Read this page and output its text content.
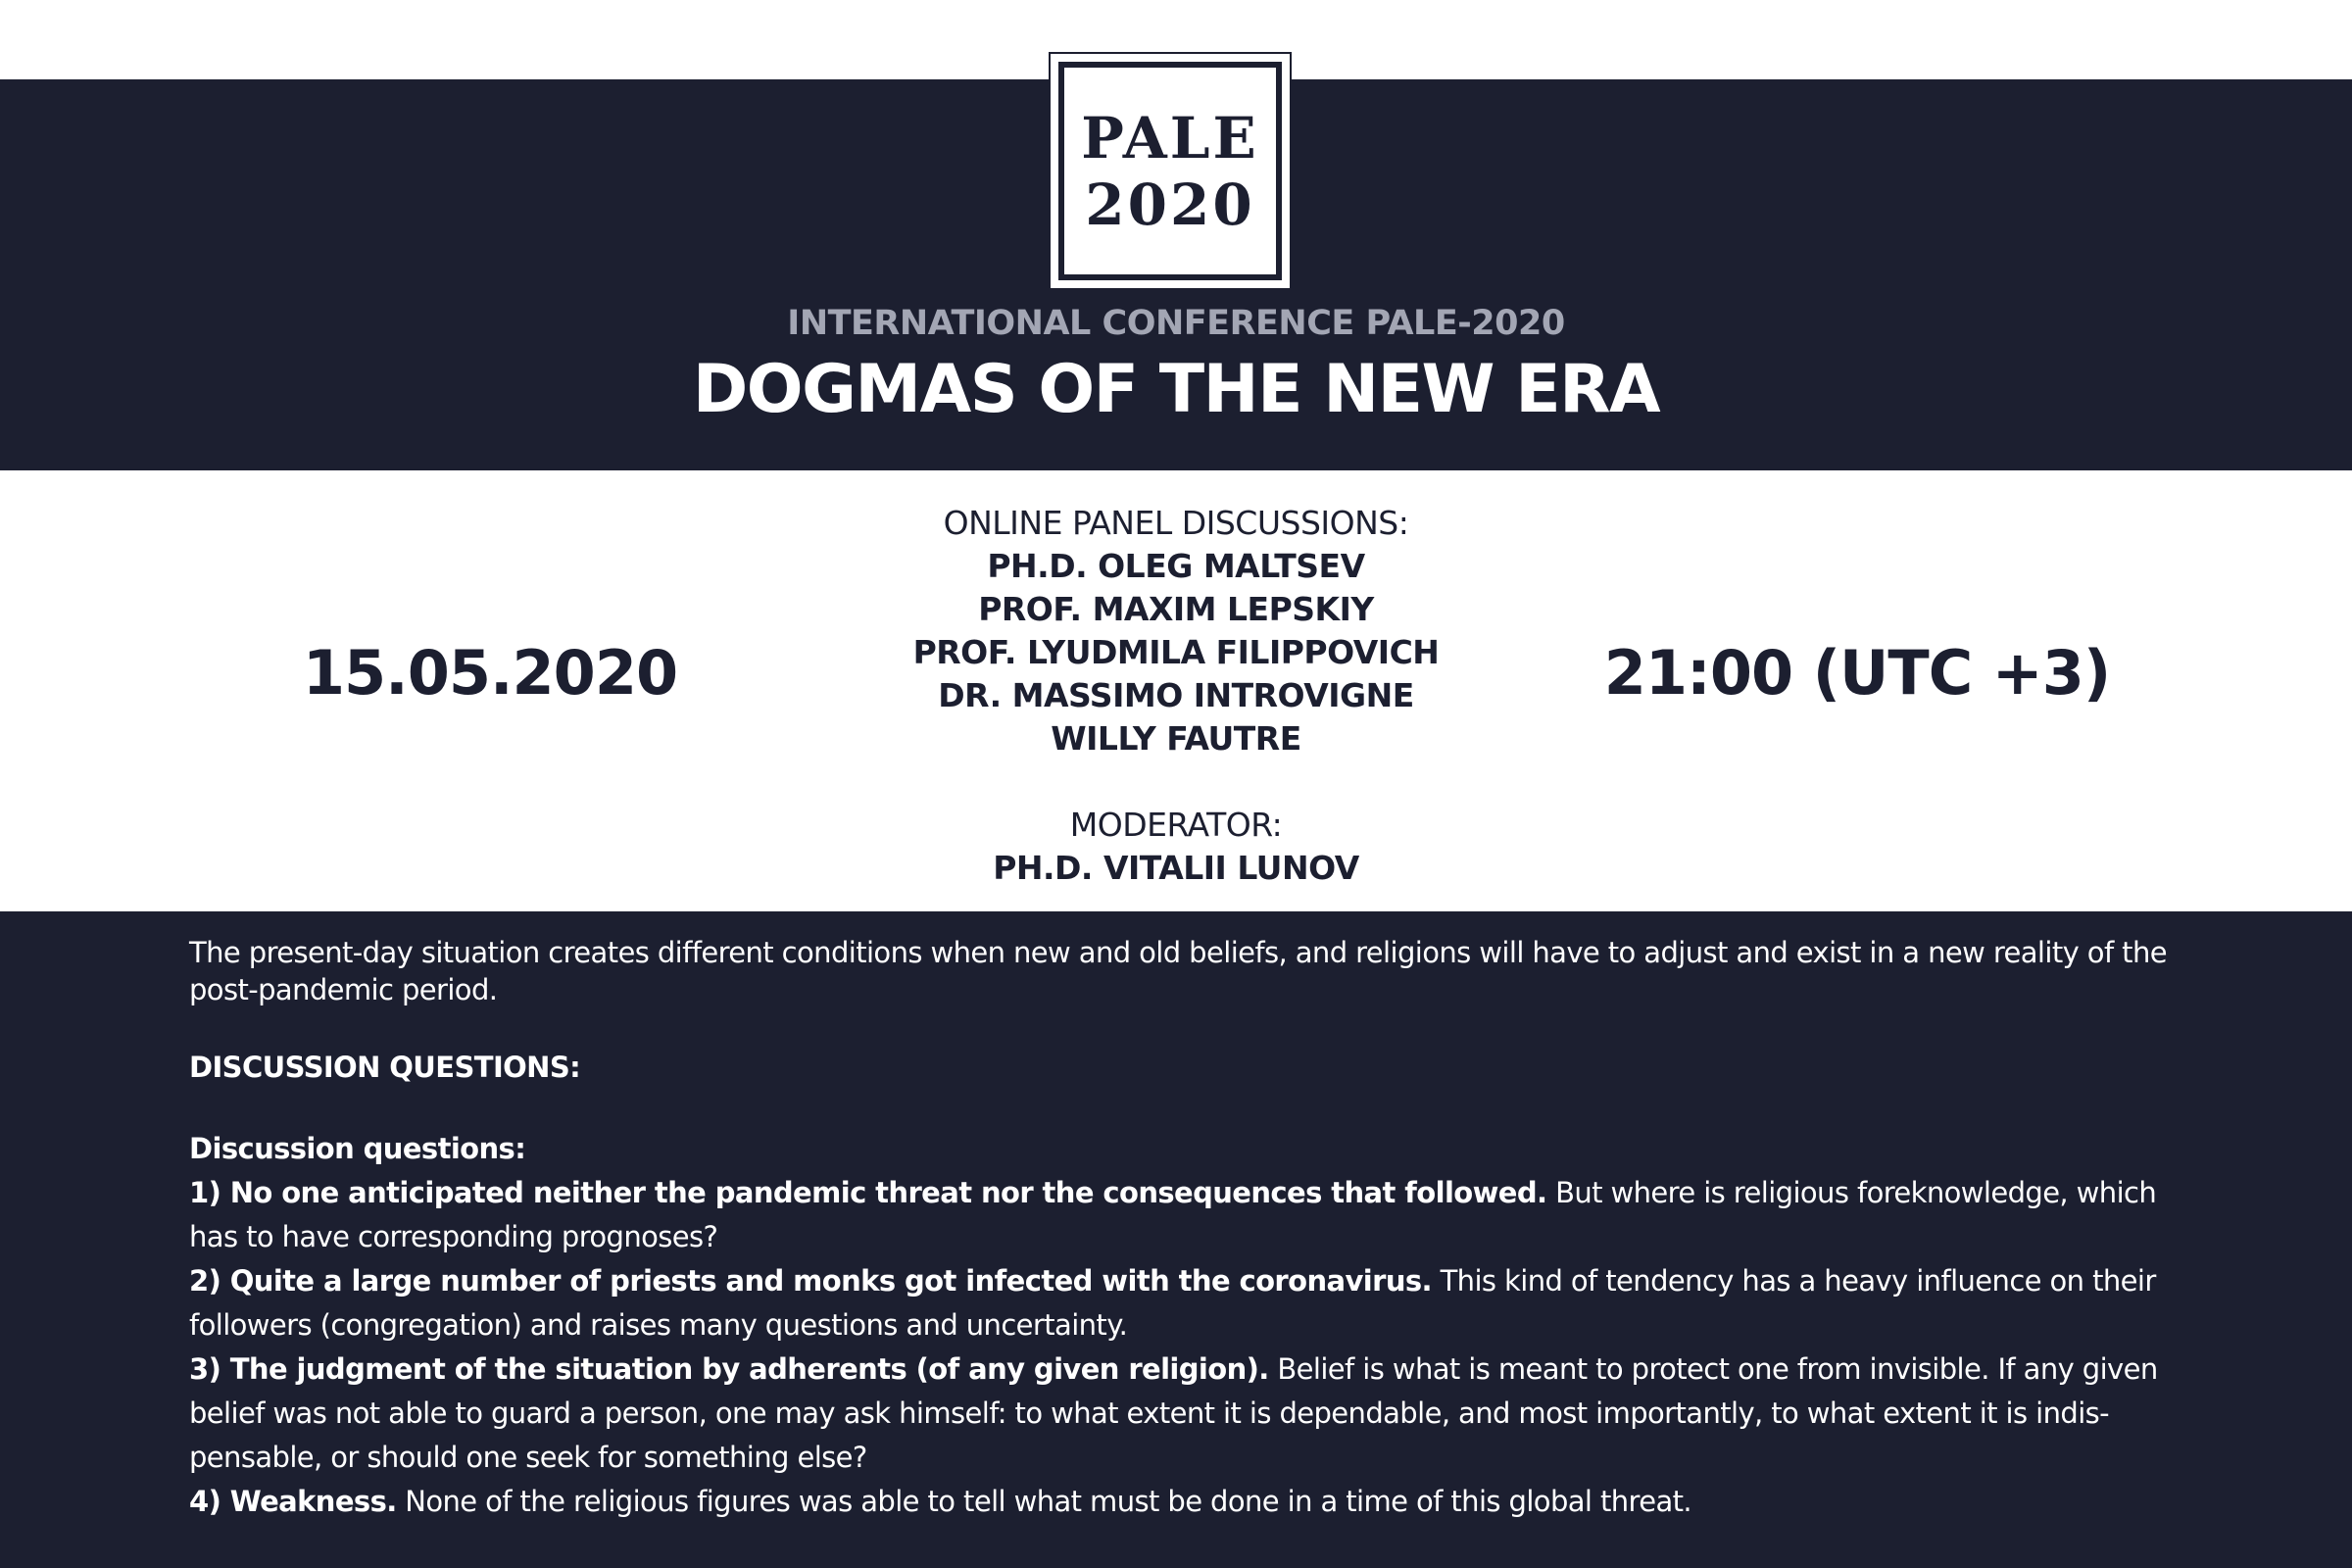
PALE
2020
INTERNATIONAL CONFERENCE PALE-2020
DOGMAS OF THE NEW ERA
15.05.2020	21:00 (UTC +3)
ONLINE PANEL DISCUSSIONS:
PH.D. OLEG MALTSEV
PROF. MAXIM LEPSKIY
PROF. LYUDMILA FILIPPOVICH
DR. MASSIMO INTROVIGNE
WILLY FAUTRE
MODERATOR:
PH.D. VITALII LUNOV

The present-day situation creates different conditions when new and old beliefs, and religions will have to adjust and exist in a new reality of the post-pandemic period.

DISCUSSION QUESTIONS:

Discussion questions:

1) No one anticipated neither the pandemic threat nor the consequences that followed. But where is religious foreknowledge, which has to have corresponding prognoses?

2) Quite a large number of priests and monks got infected with the coronavirus. This kind of tendency has a heavy influence on their followers (congregation) and raises many questions and uncertainty.

3) The judgment of the situation by adherents (of any given religion). Belief is what is meant to protect one from invisible. If any given belief was not able to guard a person, one may ask himself: to what extent it is dependable, and most importantly, to what extent it is indis-pensable, or should one seek for something else?

4) Weakness. None of the religious figures was able to tell what must be done in a time of this global threat.
